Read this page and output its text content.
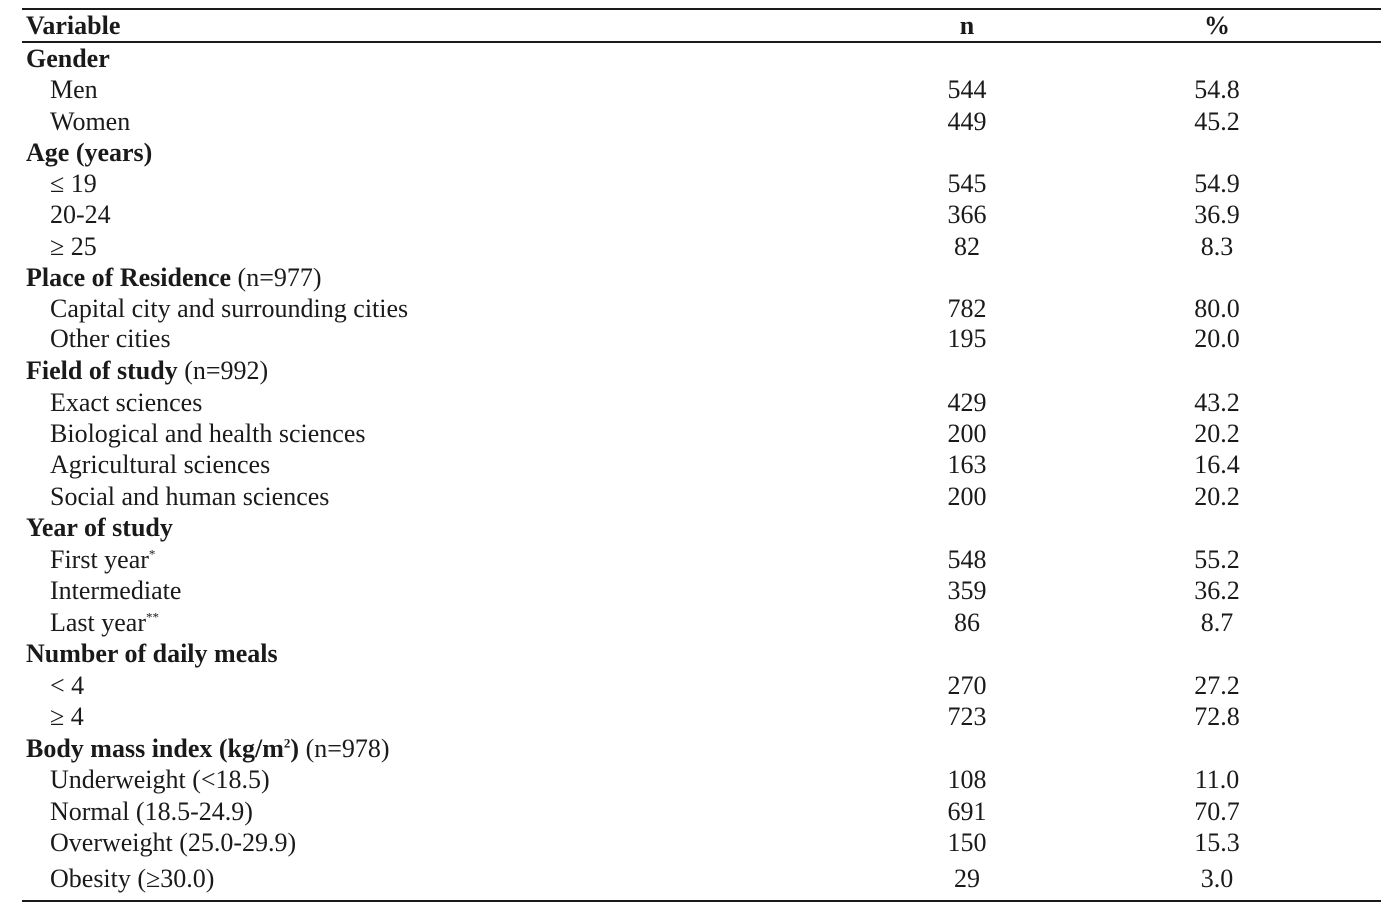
Variable	n	%
Gender
Men	544	54.8
Women	449	45.2
Age (years)
≤ 19	545	54.9
20-24	366	36.9
≥ 25	82	8.3
Place of Residence (n=977)
Capital city and surrounding cities	782	80.0
Other cities	195	20.0
Field of study (n=992)
Exact sciences	429	43.2
Biological and health sciences	200	20.2
Agricultural sciences	163	16.4
Social and human sciences	200	20.2
Year of study
First year*	548	55.2
Intermediate	359	36.2
Last year**	86	8.7
Number of daily meals
< 4	270	27.2
≥ 4	723	72.8
Body mass index $(kg/m^2)$ (n=978)
Underweight (<18.5)	108	11.0
Normal (18.5-24.9)	691	70.7
Overweight (25.0-29.9)	150	15.3
Obesity (≥30.0)	29	3.0
